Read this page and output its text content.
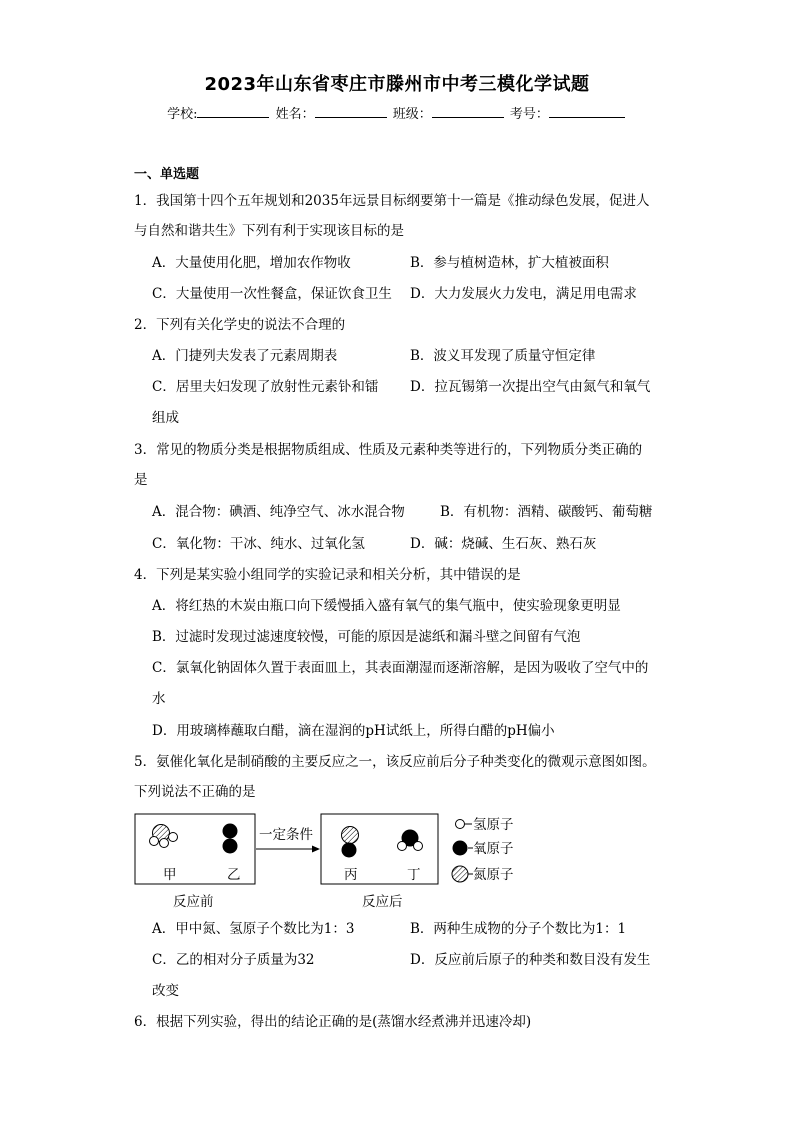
2023年山东省枣庄市滕州市中考三模化学试题
学校:	姓名：	班级：	考号：
一、单选题
1．我国第十四个五年规划和2035年远景目标纲要第十一篇是《推动绿色发展，促进人
与自然和谐共生》下列有利于实现该目标的是
A．大量使用化肥，增加农作物收	B．参与植树造林，扩大植被面积
C．大量使用一次性餐盒，保证饮食卫生 D．大力发展火力发电，满足用电需求
2．下列有关化学史的说法不合理的
A．门捷列夫发表了元素周期表	B．波义耳发现了质量守恒定律
C．居里夫妇发现了放射性元素钋和镭 D．拉瓦锡第一次提出空气由氮气和氧气
组成
3．常见的物质分类是根据物质组成、性质及元素种类等进行的，下列物质分类正确的
是
A．混合物：碘酒、纯净空气、冰水混合物	B．有机物：酒精、碳酸钙、葡萄糖
C．氧化物：干冰、纯水、过氧化氢	D．碱：烧碱、生石灰、熟石灰
4．下列是某实验小组同学的实验记录和相关分析，其中错误的是
A．将红热的木炭由瓶口向下缓慢插入盛有氧气的集气瓶中，使实验现象更明显
B．过滤时发现过滤速度较慢，可能的原因是滤纸和漏斗壁之间留有气泡
C．氯氧化钠固体久置于表面皿上，其表面潮湿而逐渐溶解，是因为吸收了空气中的
水
D．用玻璃棒蘸取白醋，滴在湿润的pH试纸上，所得白醋的pH偏小
5．氨催化氧化是制硝酸的主要反应之一，该反应前后分子种类变化的微观示意图如图。
下列说法不正确的是
甲	乙
一定条件
丙	丁
反应前	反应后
氢原子
氧原子
氮原子
A．甲中氮、氢原子个数比为1：3	B．两种生成物的分子个数比为1：1
C．乙的相对分子质量为32	D．反应前后原子的种类和数目没有发生
改变
6．根据下列实验，得出的结论正确的是(蒸馏水经煮沸并迅速冷却)
